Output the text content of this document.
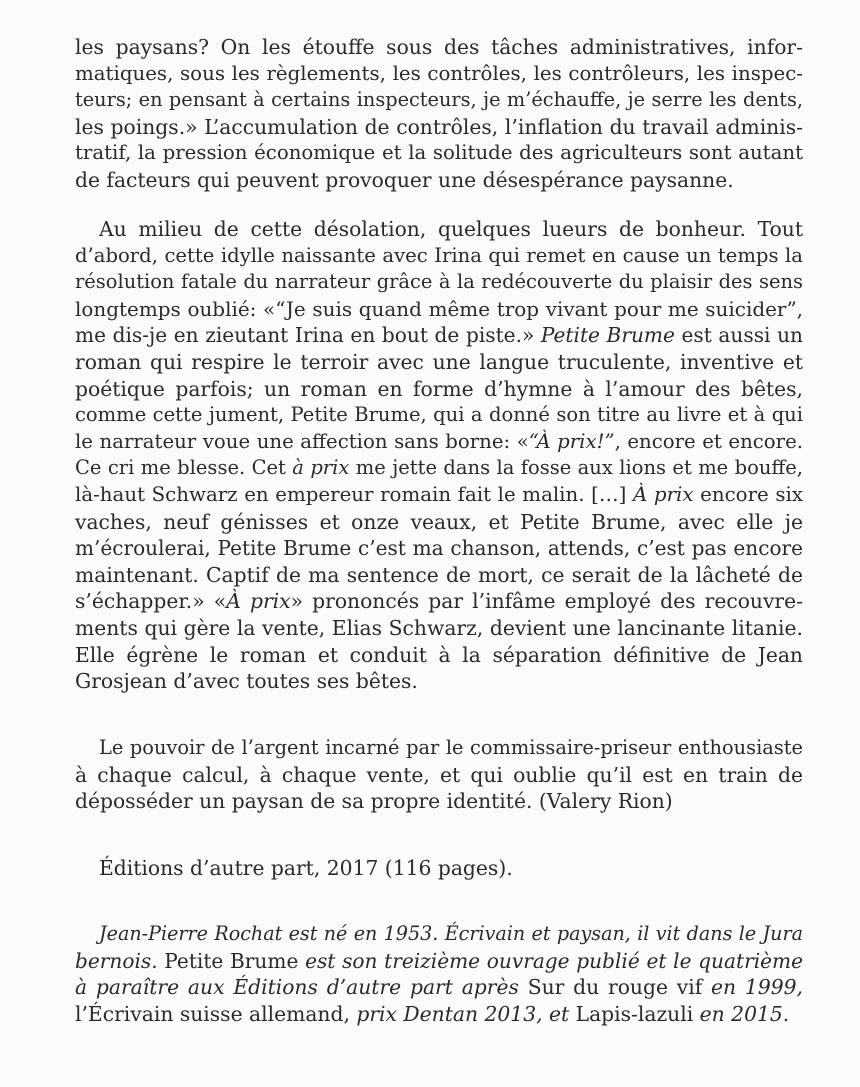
les paysans? On les étouffe sous des tâches administratives, infor-
matiques, sous les règlements, les contrôles, les contrôleurs, les inspec-
teurs; en pensant à certains inspecteurs, je m’échauffe, je serre les dents,
les poings.» L’accumulation de contrôles, l’inflation du travail adminis-
tratif, la pression économique et la solitude des agriculteurs sont autant
de facteurs qui peuvent provoquer une désespérance paysanne.
Au milieu de cette désolation, quelques lueurs de bonheur. Tout
d’abord, cette idylle naissante avec Irina qui remet en cause un temps la
résolution fatale du narrateur grâce à la redécouverte du plaisir des sens
longtemps oublié: «“Je suis quand même trop vivant pour me suicider”,
me dis-je en zieutant Irina en bout de piste.» Petite Brume est aussi un
roman qui respire le terroir avec une langue truculente, inventive et
poétique parfois; un roman en forme d’hymne à l’amour des bêtes,
comme cette jument, Petite Brume, qui a donné son titre au livre et à qui
le narrateur voue une affection sans borne: «“À prix!”, encore et encore.
Ce cri me blesse. Cet à prix me jette dans la fosse aux lions et me bouffe,
là-haut Schwarz en empereur romain fait le malin. […] À prix encore six
vaches, neuf génisses et onze veaux, et Petite Brume, avec elle je
m’écroulerai, Petite Brume c’est ma chanson, attends, c’est pas encore
maintenant. Captif de ma sentence de mort, ce serait de la lâcheté de
s’échapper.» «À prix» prononcés par l’infâme employé des recouvre-
ments qui gère la vente, Elias Schwarz, devient une lancinante litanie.
Elle égrène le roman et conduit à la séparation définitive de Jean
Grosjean d’avec toutes ses bêtes.
Le pouvoir de l’argent incarné par le commissaire-priseur enthousiaste
à chaque calcul, à chaque vente, et qui oublie qu’il est en train de
déposséder un paysan de sa propre identité. (Valery Rion)
Éditions d’autre part, 2017 (116 pages).
Jean-Pierre Rochat est né en 1953. Écrivain et paysan, il vit dans le Jura
bernois. Petite Brume est son treizième ouvrage publié et le quatrième
à paraître aux Éditions d’autre part après Sur du rouge vif en 1999,
l’Écrivain suisse allemand, prix Dentan 2013, et Lapis-lazuli en 2015.
